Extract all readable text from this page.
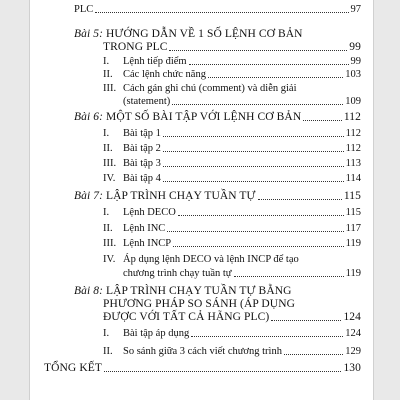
PLC	97
Bài 5: HƯỚNG DẪN VỀ 1 SỐ LỆNH CƠ BẢN
TRONG PLC	99
I. Lệnh tiếp điểm	99
II. Các lệnh chức năng	103
III. Cách gán ghi chú (comment) và diễn giải
(statement)	109
Bài 6: MỘT SỐ BÀI TẬP VỚI LỆNH CƠ BẢN	112
I. Bài tập 1	112
II. Bài tập 2	112
III. Bài tập 3	113
IV. Bài tập 4	114
Bài 7: LẬP TRÌNH CHẠY TUẦN TỰ	115
I. Lệnh DECO	115
II. Lệnh INC	117
III. Lệnh INCP	119
IV. Áp dụng lệnh DECO và lệnh INCP để tạo
chương trình chạy tuần tự	119
Bài 8: LẬP TRÌNH CHẠY TUẦN TỰ BẰNG
PHƯƠNG PHÁP SO SÁNH (ÁP DỤNG
ĐƯỢC VỚI TẤT CẢ HÃNG PLC)	124
I. Bài tập áp dụng	124
II. So sánh giữa 3 cách viết chương trình	129
TỔNG KẾT	130
